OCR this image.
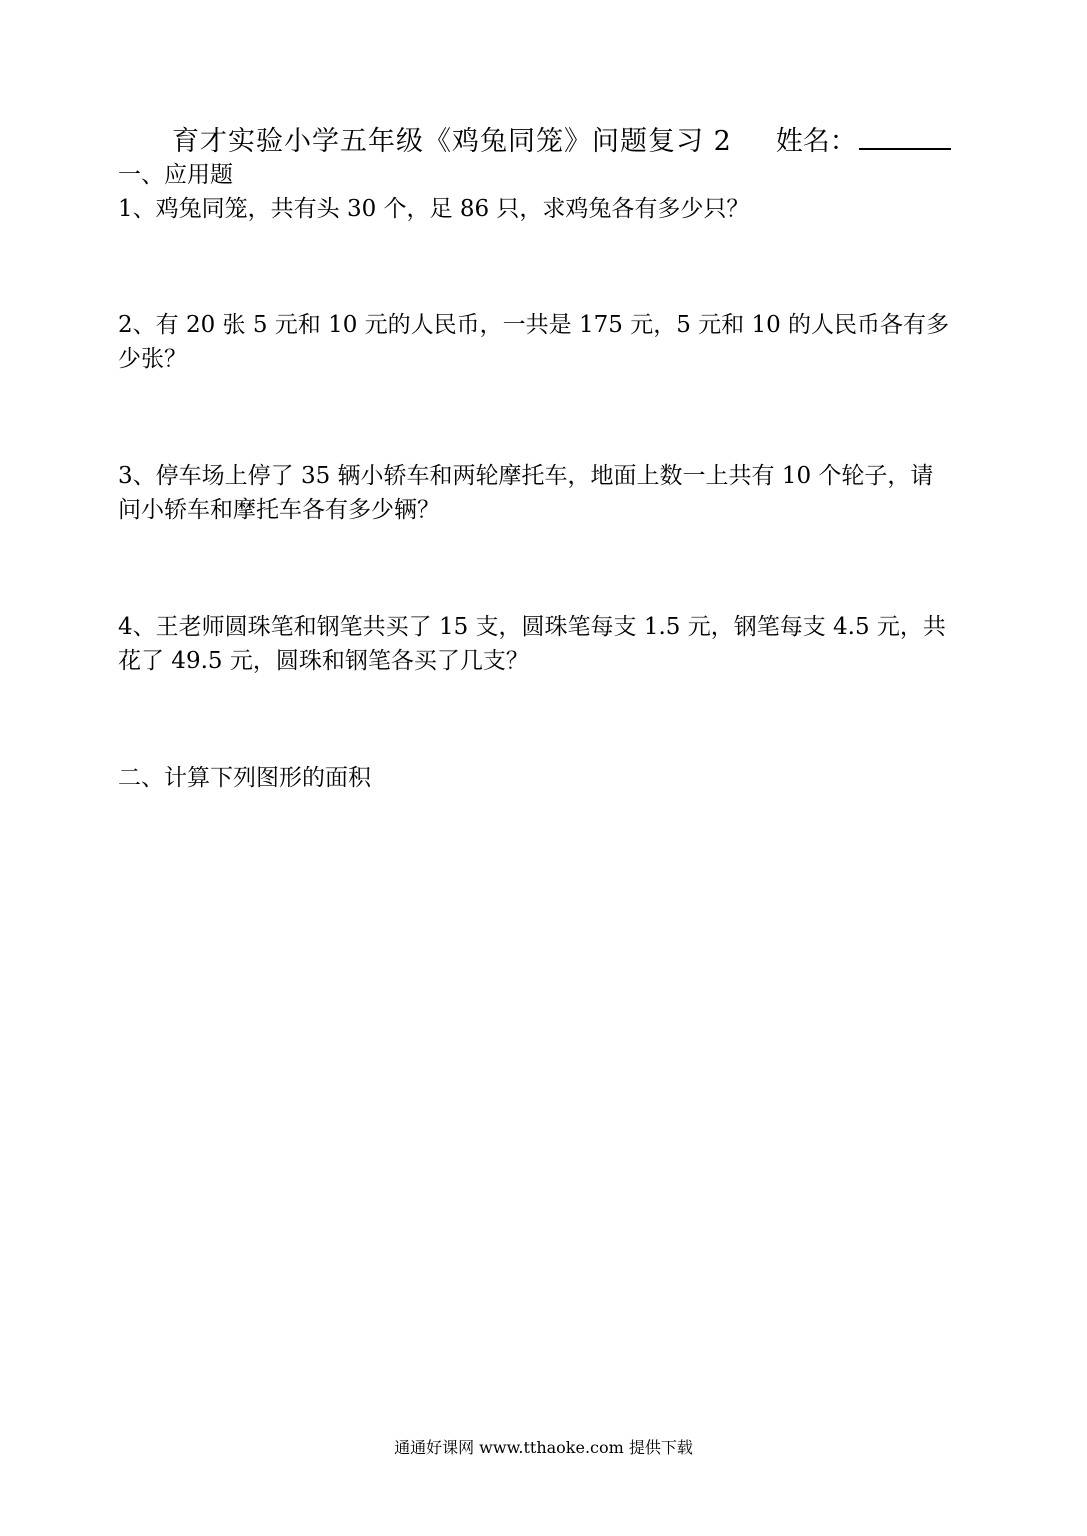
育才实验小学五年级《鸡兔同笼》问题复习 2 姓名：
一、应用题
1、鸡兔同笼，共有头 30 个，足 86 只，求鸡兔各有多少只？
2、有 20 张 5 元和 10 元的人民币，一共是 175 元，5 元和 10 的人民币各有多
少张？
3、停车场上停了 35 辆小轿车和两轮摩托车，地面上数一上共有 10 个轮子，请
问小轿车和摩托车各有多少辆？
4、王老师圆珠笔和钢笔共买了 15 支，圆珠笔每支 1.5 元，钢笔每支 4.5 元，共
花了 49.5 元，圆珠和钢笔各买了几支？
二、计算下列图形的面积
通通好课网 www.tthaoke.com 提供下载
